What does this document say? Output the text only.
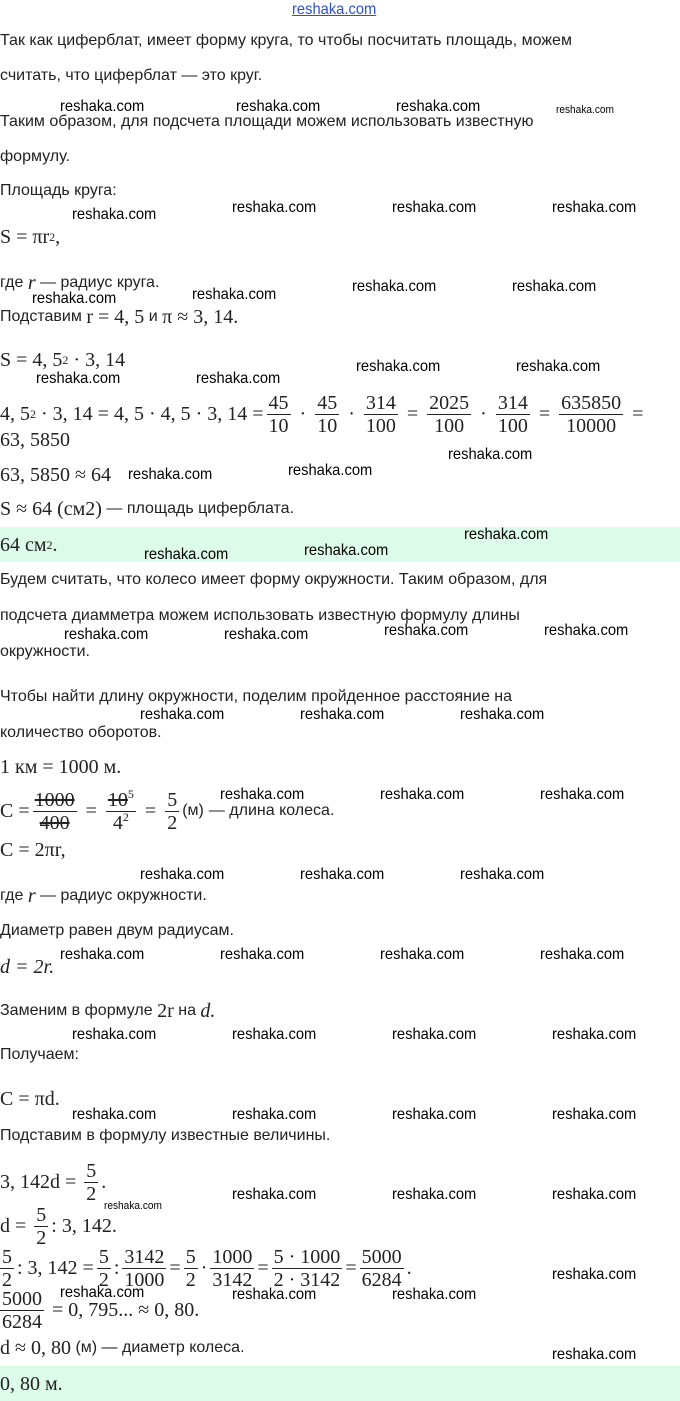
Так как циферблат, имеет форму круга, то чтобы посчитать площадь, можем
считать, что циферблат — это круг.
Таким образом, для подсчета площади можем использовать известную
формулу.
Площадь круга:
S = πr 2 ,
где
r
— радиус круга.
Подставим
r = 4, 5
и
π ≈ 3, 14.
S = 4, 5 2
· 3, 14
4, 5 2
· 3, 14 = 4, 5 · 4, 5 · 3, $14 = \frac{45}{10} \cdot \frac{45}{10} \cdot \frac{314}{100} = \frac{2025}{100} \cdot \frac{314}{100} = \frac{635850}{10000}$ =
63, 5850
63, 5850 ≈ 64
S ≈ 64 (см 2 )
— площадь циферблата.
64 см 2 .
Будем считать, что колесо имеет форму окружности. Таким образом, для
подсчета диамметра можем использовать известную формулу длины
окружности.
Чтобы найти длину окружности, поделим пройденное расстояние на
количество оборотов.
1 км = 1000 м.
$C = \frac{1000}{400} = \frac{10^5}{4^2} = \frac{5}{2} (м)$
— длина колеса.
C = 2πr,
где
r
— радиус окружности.
Диаметр равен двум радиусам.
d = 2r.
Заменим в формуле
2r
на
d.
Получаем:
C = πd.
Подставим в формулу известные величины.
3, 142d =
$\frac{5}{2}$ .
d =
$\frac{5}{2}$ : 3, 142.
$\frac{5}{2}$ : 3, $142 = \frac{5}{2}$ : $\frac{3142}{1000} = \frac{5}{2} \cdot \frac{1000}{3142} = \frac{5 \cdot 1000}{2 \cdot 3142} = \frac{5000}{6284}$ .
$\frac{5000}{6284}$
= 0, 795... ≈ 0, 80.
d ≈ 0, 80
(м)
— диаметр колеса.
0, 80 м.
reshaka.com
reshaka.com	reshaka.com	reshaka.com	reshaka.com
reshaka.com	reshaka.com	reshaka.com	reshaka.com
reshaka.com	reshaka.com	reshaka.com	reshaka.com
reshaka.com	reshaka.com
reshaka.com	reshaka.com
reshaka.com
reshaka.com	reshaka.com
reshaka.com
reshaka.com	reshaka.com
reshaka.com	reshaka.com	reshaka.com	reshaka.com
reshaka.com	reshaka.com	reshaka.com
reshaka.com	reshaka.com	reshaka.com
reshaka.com	reshaka.com	reshaka.com
reshaka.com	reshaka.com	reshaka.com	reshaka.com
reshaka.com	reshaka.com	reshaka.com	reshaka.com
reshaka.com	reshaka.com	reshaka.com	reshaka.com
reshaka.com
reshaka.com	reshaka.com	reshaka.com
reshaka.com
reshaka.com	reshaka.com	reshaka.com
reshaka.com
